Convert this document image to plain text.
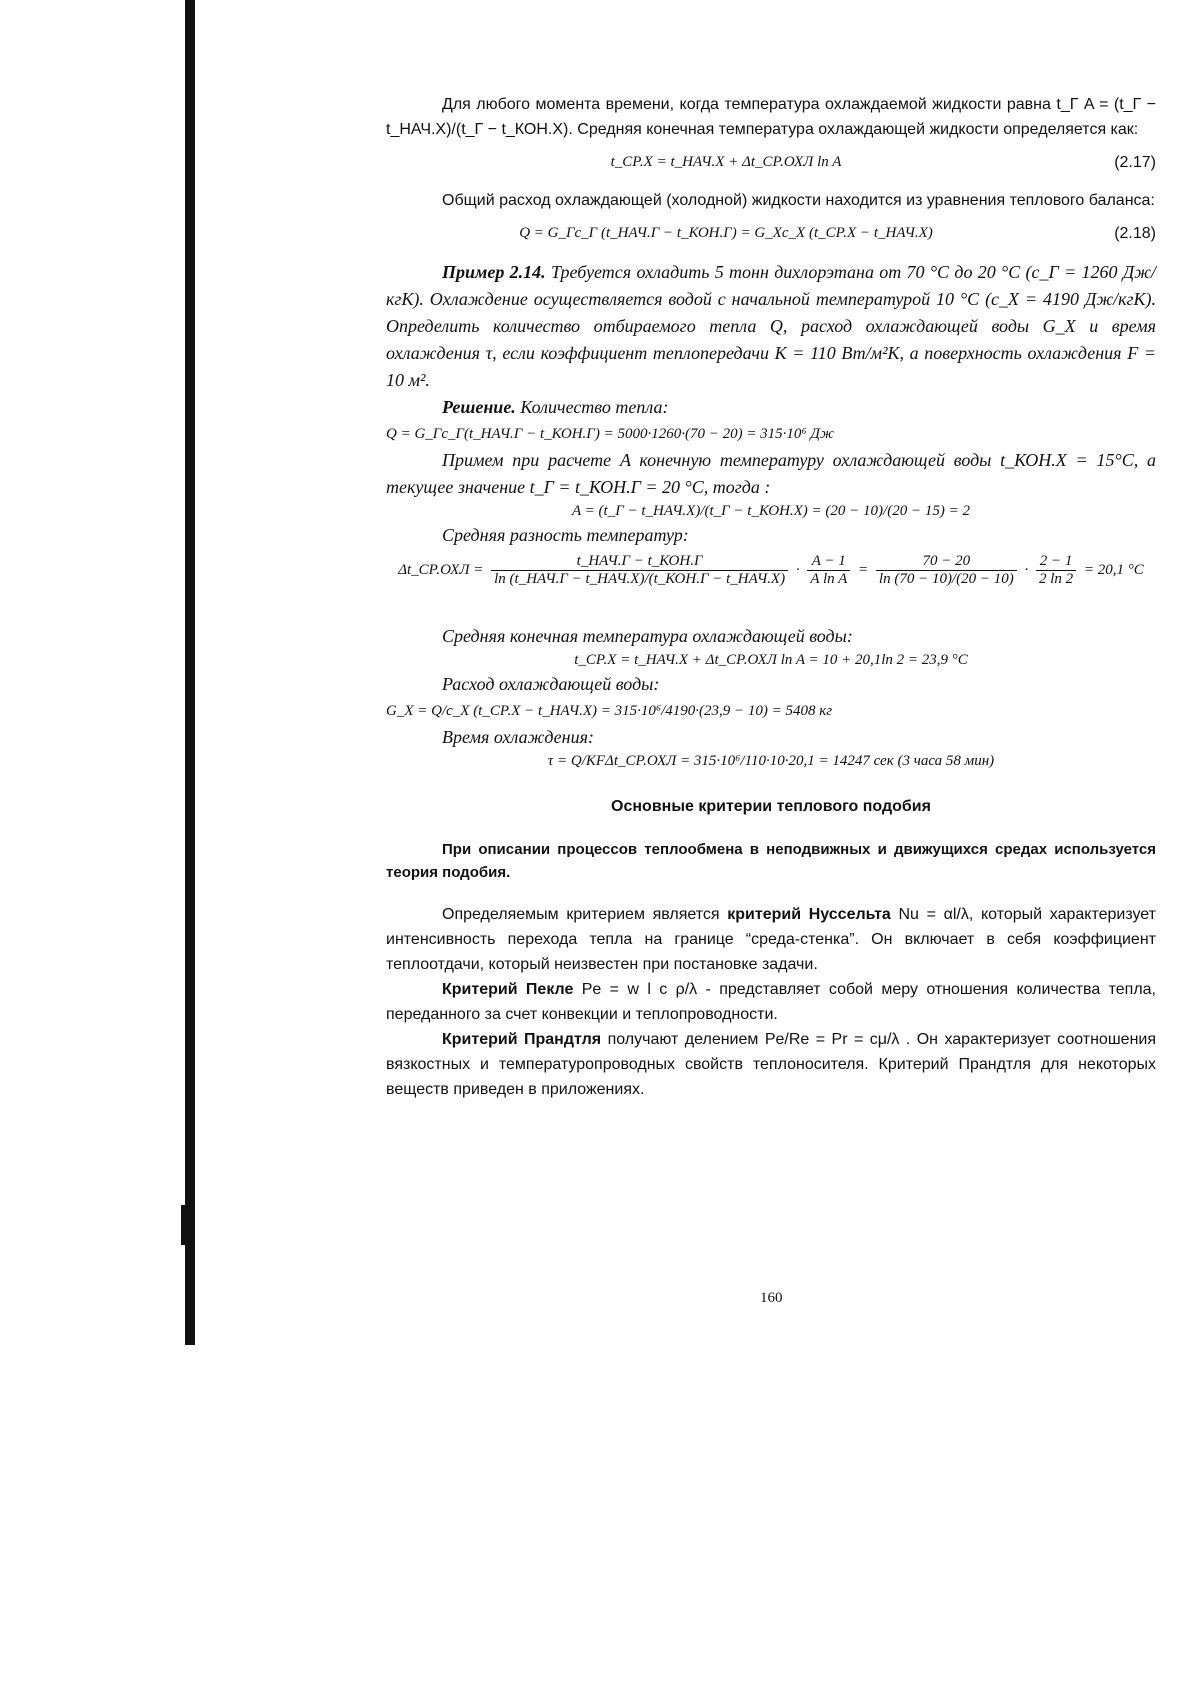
Для любого момента времени, когда температура охлаждаемой жидкости равна t_Г A = (t_Г − t_НАЧ.Х)/(t_Г − t_КОН.Х). Средняя конечная температура охлаждающей жидкости определяется как:

t_СР.Х = t_НАЧ.Х + Δt_СР.ОХЛ ln A	(2.17)

Общий расход охлаждающей (холодной) жидкости находится из уравнения теплового баланса:

Q = G_Гc_Г (t_НАЧ.Г − t_КОН.Г) = G_Хc_Х (t_СР.Х − t_НАЧ.Х)	(2.18)

Пример 2.14. Требуется охладить 5 тонн дихлорэтана от 70 °С до 20 °С (c_Г = 1260 Дж/кгК). Охлаждение осуществляется водой с начальной температурой 10 °С (c_Х = 4190 Дж/кгК). Определить количество отбираемого тепла Q, расход охлаждающей воды G_Х и время охлаждения τ, если коэффициент теплопередачи K = 110 Вт/м²К, а поверхность охлаждения F = 10 м².

Решение. Количество тепла:

Q = G_Гc_Г(t_НАЧ.Г − t_КОН.Г) = 5000·1260·(70 − 20) = 315·10⁶ Дж

Примем при расчете A конечную температуру охлаждающей воды t_КОН.Х = 15°С, а текущее значение t_Г = t_КОН.Г = 20 °С, тогда :

A = (t_Г − t_НАЧ.Х)/(t_Г − t_КОН.Х) = (20 − 10)/(20 − 15) = 2

Средняя разность температур:

Δt_СР.ОХЛ = $\frac{\text{t\_НАЧ.Г − t\_КОН.Г}}{\text{ln (t\_НАЧ.Г − t\_НАЧ.Х)/(t\_КОН.Г − t\_НАЧ.Х)}} \cdot \frac{A - 1}{\text{A ln A}} = \frac{70 - 20}{\ln (70 - 10)/(20 - 10)} \cdot \frac{2 - 1}{2 \ln 2} = 20,1$ °С

Средняя конечная температура охлаждающей воды:

t_СР.Х = t_НАЧ.Х + Δt_СР.ОХЛ ln A = 10 + 20,1ln 2 = 23,9 °С

Расход охлаждающей воды:

G_Х = Q/c_Х (t_СР.Х − t_НАЧ.Х) = 315·10⁶/4190·(23,9 − 10) = 5408 кг

Время охлаждения:

τ = Q/KFΔt_СР.ОХЛ = 315·10⁶/110·10·20,1 = 14247 сек (3 часа 58 мин)
Основные критерии теплового подобия

При описании процессов теплообмена в неподвижных и движущихся средах используется теория подобия.

Определяемым критерием является критерий Нуссельта Nu = αl/λ, который характеризует интенсивность перехода тепла на границе “среда-стенка”. Он включает в себя коэффициент теплоотдачи, который неизвестен при постановке задачи.

Критерий Пекле Pe = w l c ρ/λ - представляет собой меру отношения количества тепла, переданного за счет конвекции и теплопроводности.

Критерий Прандтля получают делением Pe/Re = Pr = cμ/λ . Он характеризует соотношения вязкостных и температуропроводных свойств теплоносителя. Критерий Прандтля для некоторых веществ приведен в приложениях.

160
